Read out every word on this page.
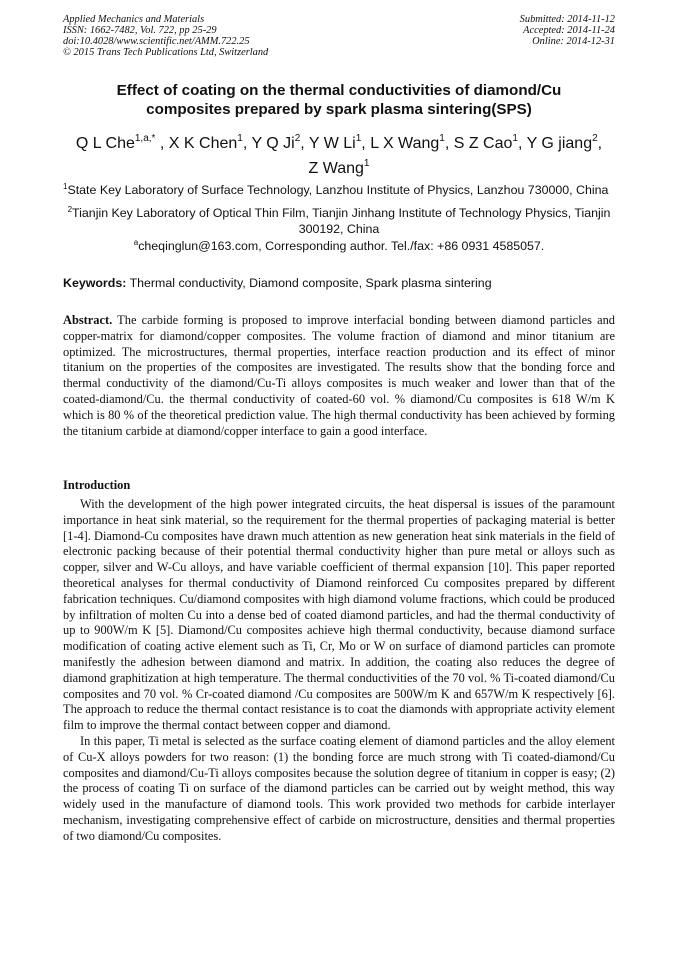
Applied Mechanics and Materials
ISSN: 1662-7482, Vol. 722, pp 25-29
doi:10.4028/www.scientific.net/AMM.722.25
© 2015 Trans Tech Publications Ltd, Switzerland
Submitted: 2014-11-12
Accepted: 2014-11-24
Online: 2014-12-31
Effect of coating on the thermal conductivities of diamond/Cu
composites prepared by spark plasma sintering(SPS)
Q L Che$^{1,a,*}$ , X K Chen$^1$, Y Q Ji$^2$, Y W Li$^1$, L X Wang$^1$, S Z Cao$^1$, Y G jiang$^2$,
Z Wang$^1$
$^1$State Key Laboratory of Surface Technology, Lanzhou Institute of Physics, Lanzhou 730000, China
$^2$Tianjin Key Laboratory of Optical Thin Film, Tianjin Jinhang Institute of Technology Physics, Tianjin 300192, China
$^a$cheqinglun@163.com, Corresponding author. Tel./fax: +86 0931 4585057.
Keywords: Thermal conductivity, Diamond composite, Spark plasma sintering
Abstract. The carbide forming is proposed to improve interfacial bonding between diamond particles and copper-matrix for diamond/copper composites. The volume fraction of diamond and minor titanium are optimized. The microstructures, thermal properties, interface reaction production and its effect of minor titanium on the properties of the composites are investigated. The results show that the bonding force and thermal conductivity of the diamond/Cu-Ti alloys composites is much weaker and lower than that of the coated-diamond/Cu. the thermal conductivity of coated-60 vol. % diamond/Cu composites is 618 W/m K which is 80 % of the theoretical prediction value. The high thermal conductivity has been achieved by forming the titanium carbide at diamond/copper interface to gain a good interface.
Introduction

With the development of the high power integrated circuits, the heat dispersal is issues of the paramount importance in heat sink material, so the requirement for the thermal properties of packaging material is better [1-4]. Diamond-Cu composites have drawn much attention as new generation heat sink materials in the field of electronic packing because of their potential thermal conductivity higher than pure metal or alloys such as copper, silver and W-Cu alloys, and have variable coefficient of thermal expansion [10]. This paper reported theoretical analyses for thermal conductivity of Diamond reinforced Cu composites prepared by different fabrication techniques. Cu/diamond composites with high diamond volume fractions, which could be produced by infiltration of molten Cu into a dense bed of coated diamond particles, and had the thermal conductivity of up to 900W/m K [5]. Diamond/Cu composites achieve high thermal conductivity, because diamond surface modification of coating active element such as Ti, Cr, Mo or W on surface of diamond particles can promote manifestly the adhesion between diamond and matrix. In addition, the coating also reduces the degree of diamond graphitization at high temperature. The thermal conductivities of the 70 vol. % Ti-coated diamond/Cu composites and 70 vol. % Cr-coated diamond /Cu composites are 500W/m K and 657W/m K respectively [6]. The approach to reduce the thermal contact resistance is to coat the diamonds with appropriate activity element film to improve the thermal contact between copper and diamond.

In this paper, Ti metal is selected as the surface coating element of diamond particles and the alloy element of Cu-X alloys powders for two reason: (1) the bonding force are much strong with Ti coated-diamond/Cu composites and diamond/Cu-Ti alloys composites because the solution degree of titanium in copper is easy; (2) the process of coating Ti on surface of the diamond particles can be carried out by weight method, this way widely used in the manufacture of diamond tools. This work provided two methods for carbide interlayer mechanism, investigating comprehensive effect of carbide on microstructure, densities and thermal properties of two diamond/Cu composites.
